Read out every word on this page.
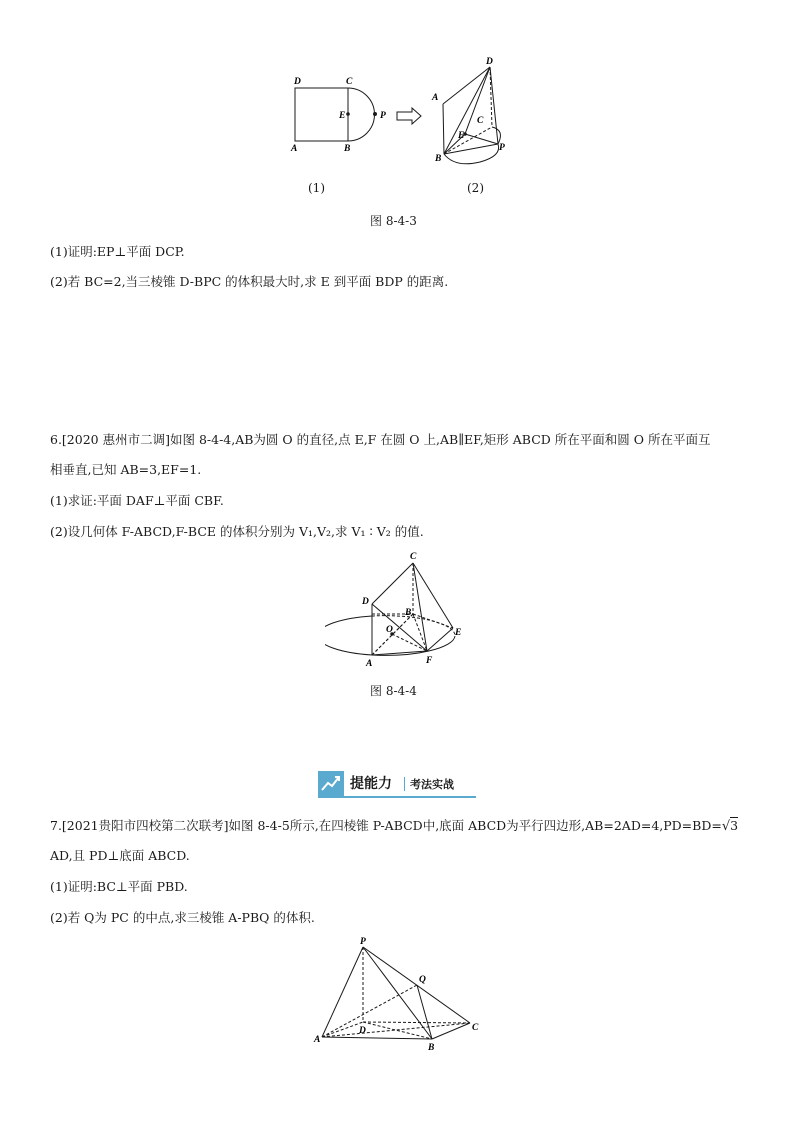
D	C
E	P
A	B
D
A
E
C
B
P
(1)	(2)
图 8-4-3
(1)证明:EP⊥平面 DCP.
(2)若 BC=2,当三棱锥 D-BPC 的体积最大时,求 E 到平面 BDP 的距离.
6.[2020 惠州市二调]如图 8-4-4,AB为圆 O 的直径,点 E,F 在圆 O 上,AB∥EF,矩形 ABCD 所在平面和圆 O 所在平面互
相垂直,已知 AB=3,EF=1.
(1)求证:平面 DAF⊥平面 CBF.
(2)设几何体 F-ABCD,F-BCE 的体积分别为 V₁,V₂,求 V₁ ∶ V₂ 的值.
C
D
B
O	E
A	F
图 8-4-4
提能力 考法实战
7.[2021贵阳市四校第二次联考]如图 8-4-5所示,在四棱锥 P-ABCD中,底面 ABCD为平行四边形,AB=2AD=4,PD=BD=√3
AD,且 PD⊥底面 ABCD.
(1)证明:BC⊥平面 PBD.
(2)若 Q为 PC 的中点,求三棱锥 A-PBQ 的体积.
P
Q
D	C
A
B
